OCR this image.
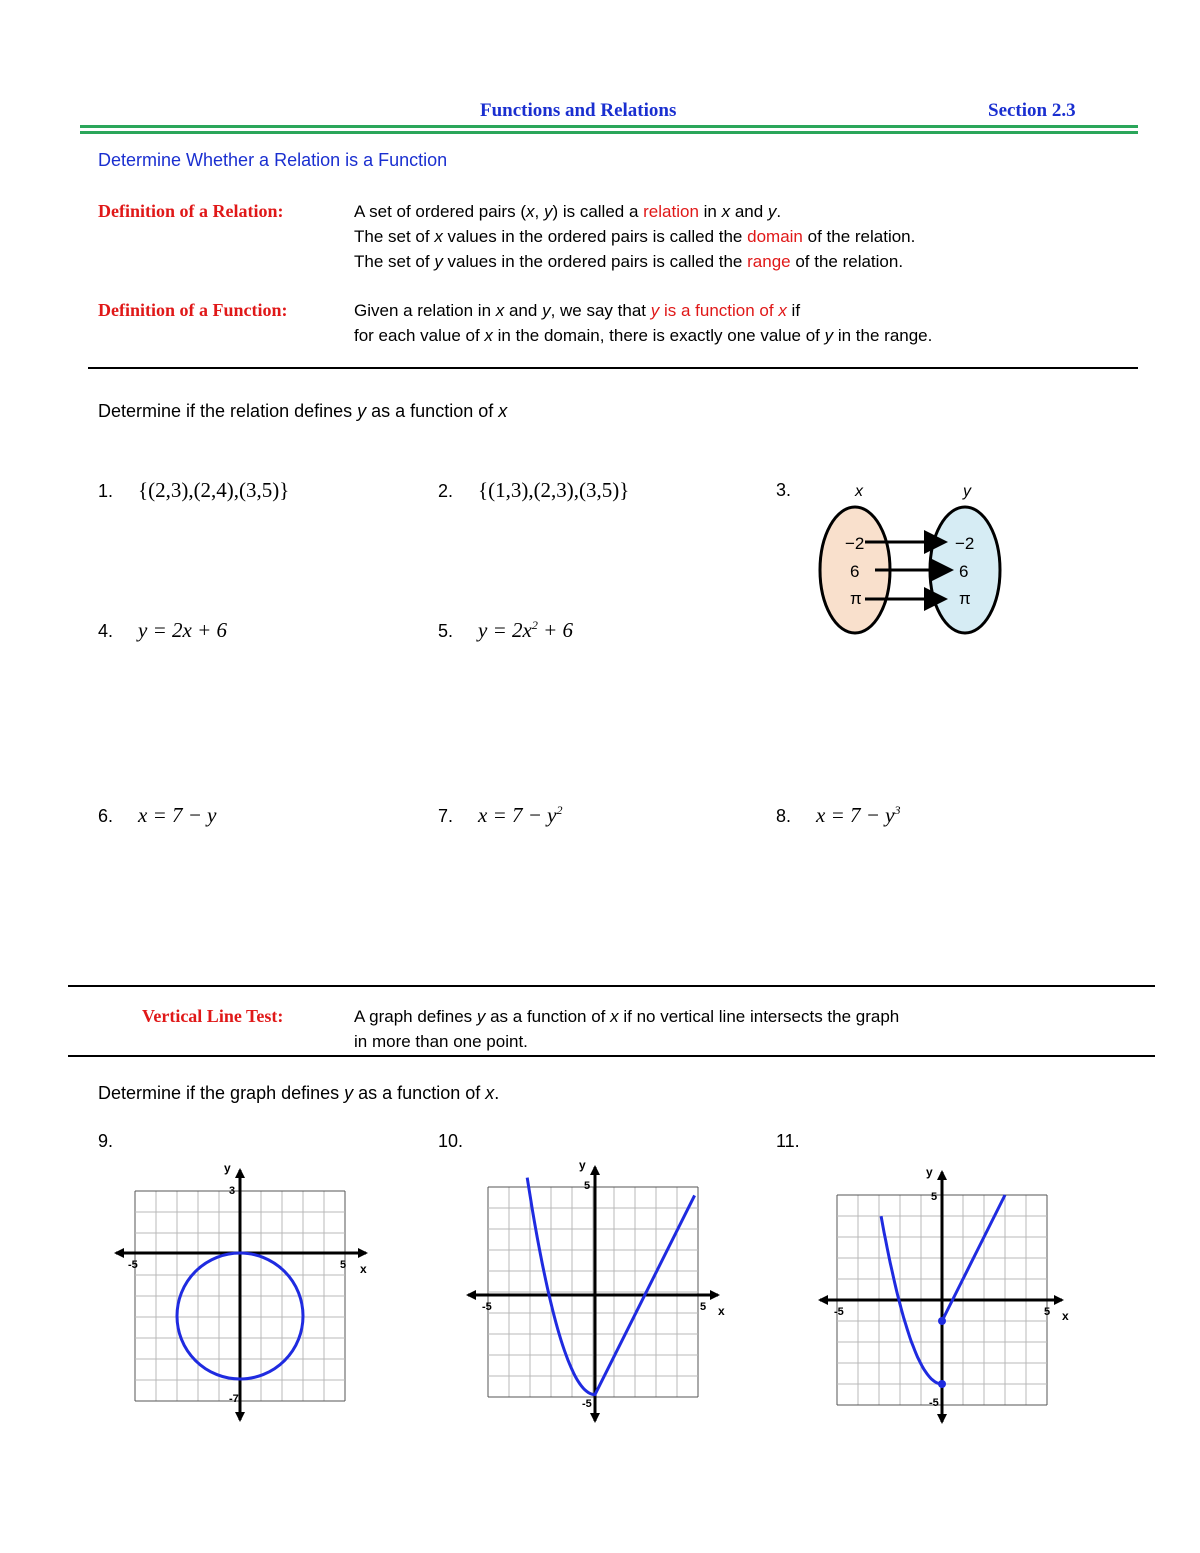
Functions and Relations	Section 2.3
Determine Whether a Relation is a Function
Definition of a Relation:	A set of ordered pairs (x, y) is called a relation in x and y.
The set of x values in the ordered pairs is called the domain of the relation.
The set of y values in the ordered pairs is called the range of the relation.
Definition of a Function:	Given a relation in x and y, we say that y is a function of x if
for each value of x in the domain, there is exactly one value of y in the range.
Determine if the relation defines y as a function of x
1. {(2,3),(2,4),(3,5)}	2. {(1,3),(2,3),(3,5)}	3.	x	y
−2
6
π
−2
6
π
4. y = 2x + 6	5. $y = 2x^2 + 6$
6. x = 7 − y	7. $x = 7 - y^2$	8. $x = 7 - y^3$
Vertical Line Test:	A graph defines y as a function of x if no vertical line intersects the graph
in more than one point.
Determine if the graph defines y as a function of x.
9.	10.	11.
y
3
-7
-5	5 x
y
5
-5
-5	5 x
y
5
-5
-5	5 x
